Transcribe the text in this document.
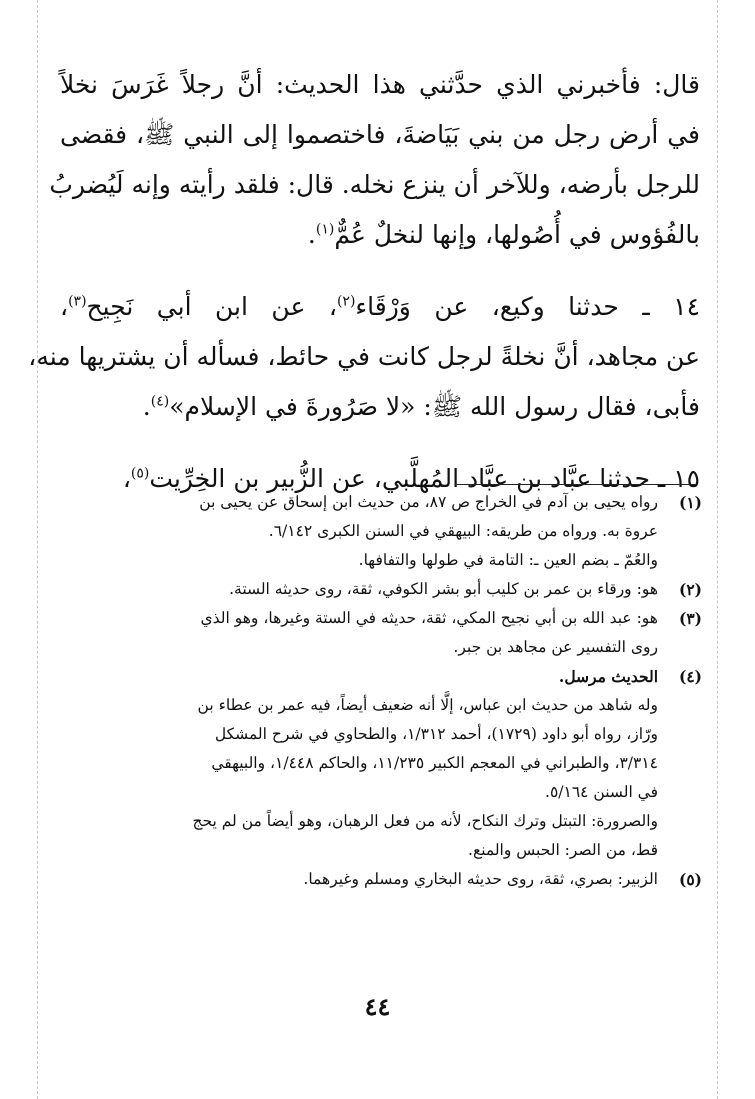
قال: فأخبرني الذي حدَّثني هذا الحديث: أنَّ رجلاً غَرَسَ نخلاً
في أرض رجل من بني بَيَاضةَ، فاختصموا إلى النبي ﷺ، فقضى
للرجل بأرضه، وللآخر أن ينزع نخله. قال: فلقد رأيته وإنه لَيُضربُ
بالفُؤوس في أُصُولها، وإنها لنخلٌ عُمٌّ$^{(١)}$.
١٤ ـ حدثنا وكيع، عن وَرْقَاء$^{(٢)}$، عن ابن أبي نَجِيح$^{(٣)}$،
عن مجاهد، أنَّ نخلةً لرجل كانت في حائط، فسأله أن يشتريها منه،
فأبى، فقال رسول الله ﷺ: «لا صَرُورةَ في الإسلام»$^{(٤)}$.
١٥ ـ حدثنا عبَّاد بن عبَّاد المُهلَّبي، عن الزُّبير بن الخِرِّيت$^{(٥)}$،
(١)
رواه يحيى بن آدم في الخراج ص ٨٧، من حديث ابن إسحاق عن يحيى بن
عروة به. ورواه من طريقه: البيهقي في السنن الكبرى ٦/١٤٢.
والعُمّ ـ بضم العين ـ: التامة في طولها والتفافها.
(٢)
هو: ورقاء بن عمر بن كليب أبو بشر الكوفي، ثقة، روى حديثه الستة.
(٣)
هو: عبد الله بن أبي نجيح المكي، ثقة، حديثه في الستة وغيرها، وهو الذي
روى التفسير عن مجاهد بن جبر.
(٤)
الحديث مرسل.
وله شاهد من حديث ابن عباس، إلَّا أنه ضعيف أيضاً، فيه عمر بن عطاء بن
ورّاز، رواه أبو داود (١٧٢٩)، أحمد ١/٣١٢، والطحاوي في شرح المشكل
٣/٣١٤، والطبراني في المعجم الكبير ١١/٢٣٥، والحاكم ١/٤٤٨، والبيهقي
في السنن ٥/١٦٤.
والصرورة: التبتل وترك النكاح، لأنه من فعل الرهبان، وهو أيضاً من لم يحج
قط، من الصر: الحبس والمنع.
(٥)
الزبير: بصري، ثقة، روى حديثه البخاري ومسلم وغيرهما.
٤٤
